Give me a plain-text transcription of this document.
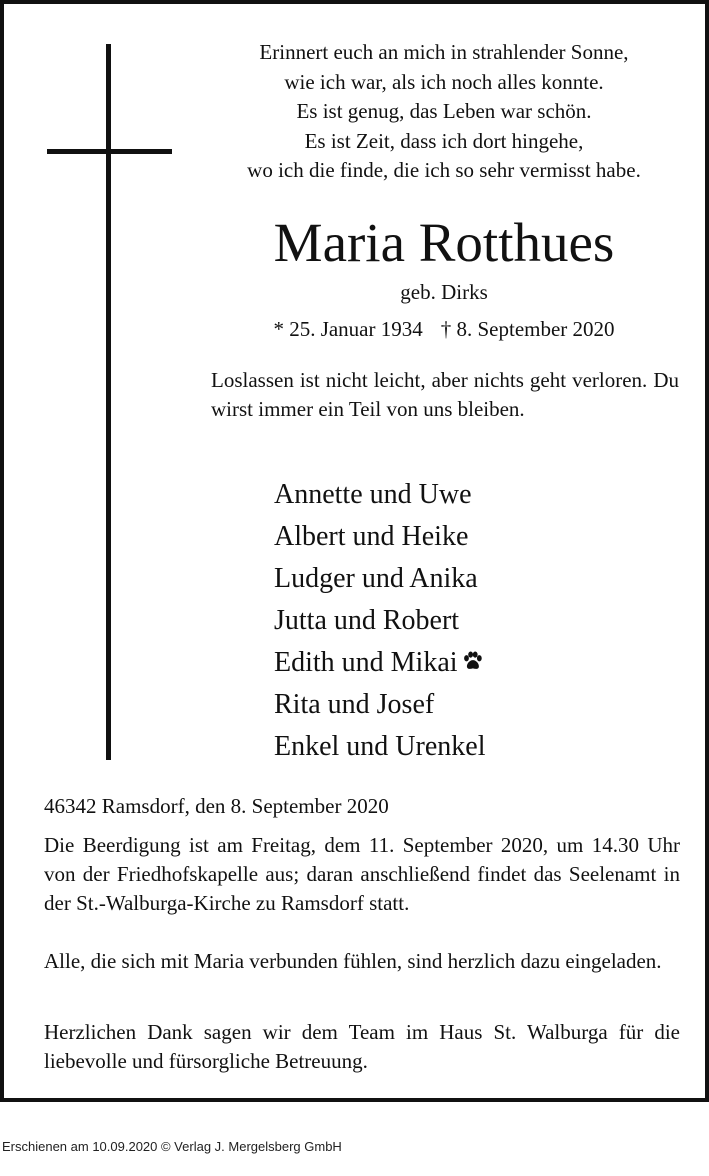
Erinnert euch an mich in strahlender Sonne,
wie ich war, als ich noch alles konnte.
Es ist genug, das Leben war schön.
Es ist Zeit, dass ich dort hingehe,
wo ich die finde, die ich so sehr vermisst habe.
Maria Rotthues
geb. Dirks
* 25. Januar 1934 † 8. September 2020
Loslassen ist nicht leicht, aber nichts geht verloren. Du wirst immer ein Teil von uns bleiben.
Annette und Uwe
Albert und Heike
Ludger und Anika
Jutta und Robert
Edith und Mikai
Rita und Josef
Enkel und Urenkel
46342 Ramsdorf, den 8. September 2020
Die Beerdigung ist am Freitag, dem 11. September 2020, um 14.30 Uhr von der Friedhofskapelle aus; daran anschließend findet das Seelenamt in der St.-Walburga-Kirche zu Ramsdorf statt.
Alle, die sich mit Maria verbunden fühlen, sind herzlich dazu eingeladen.
Herzlichen Dank sagen wir dem Team im Haus St. Walburga für die liebevolle und fürsorgliche Betreuung.
Erschienen am 10.09.2020 © Verlag J. Mergelsberg GmbH
